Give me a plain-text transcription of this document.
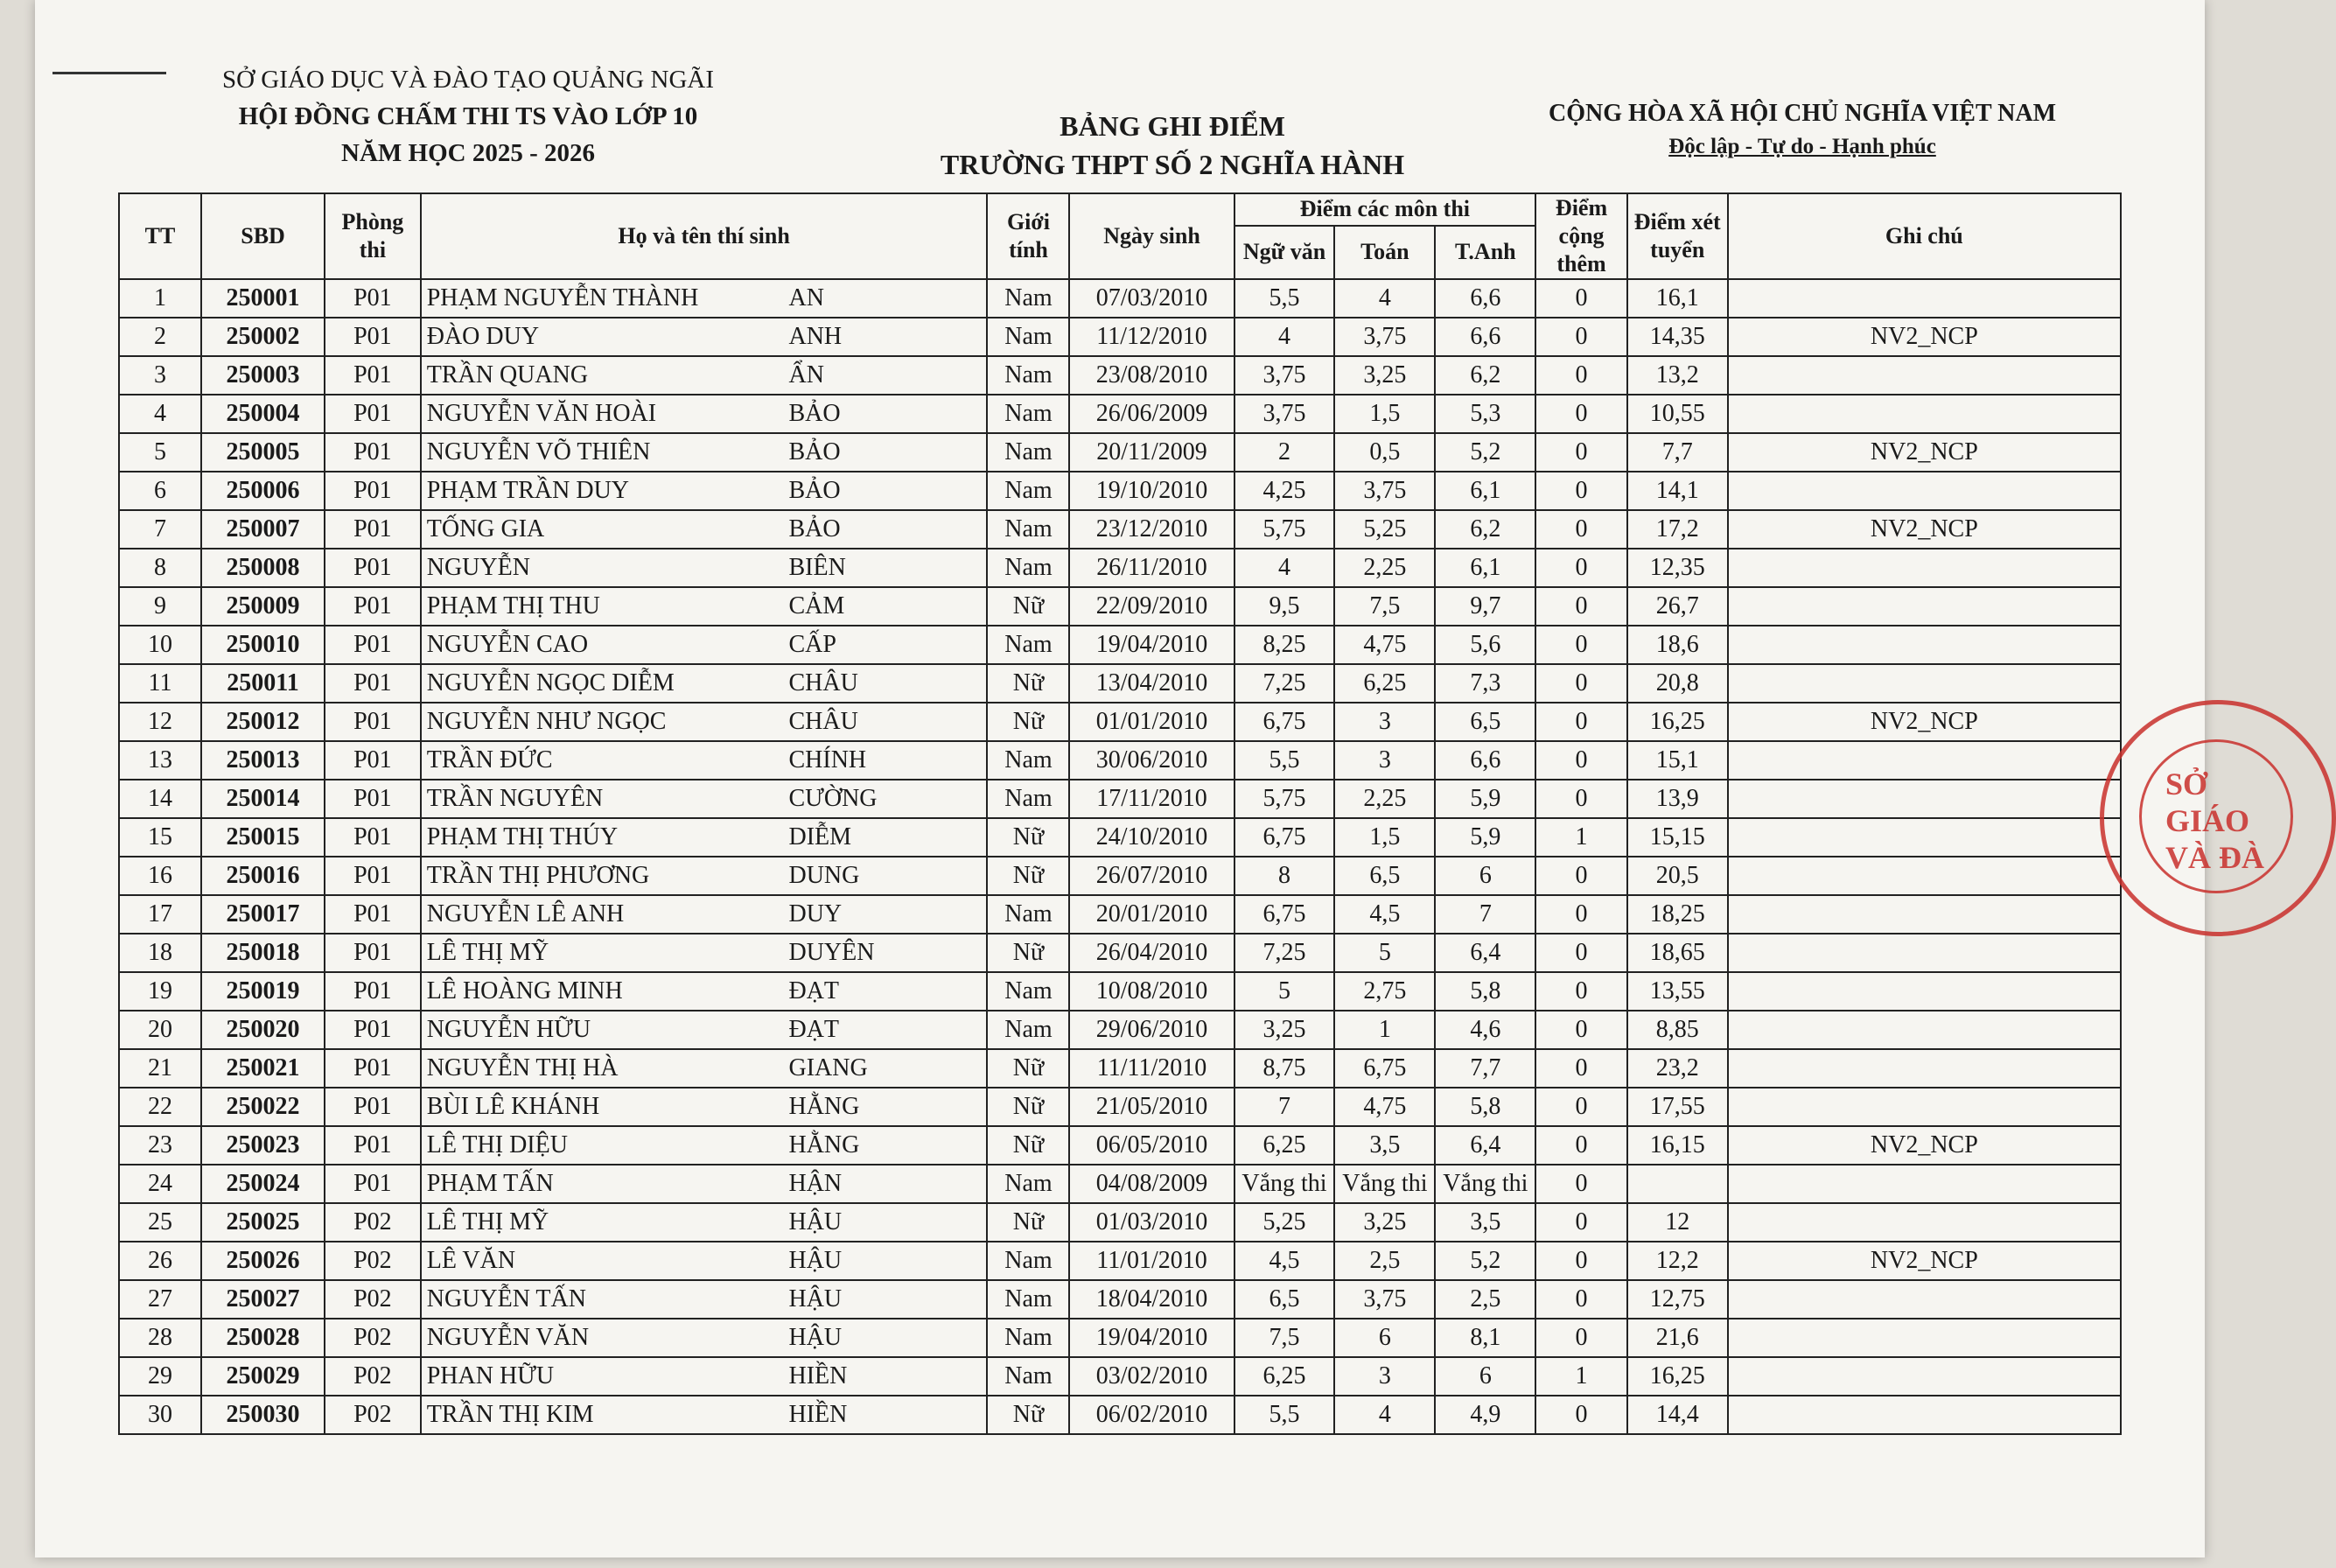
SỞ GIÁO DỤC VÀ ĐÀO TẠO QUẢNG NGÃI
HỘI ĐỒNG CHẤM THI TS VÀO LỚP 10
NĂM HỌC 2025 - 2026
BẢNG GHI ĐIỂM
TRƯỜNG THPT SỐ 2 NGHĨA HÀNH
CỘNG HÒA XÃ HỘI CHỦ NGHĨA VIỆT NAM
Độc lập - Tự do - Hạnh phúc
TT	SBD	Phòng thi	Họ và tên thí sinh	Giới tính	Ngày sinh	Điểm các môn thi			Điểm cộng thêm	Điểm xét tuyển	Ghi chú
						Ngữ văn	Toán	T.Anh			
1	250001	P01	PHẠM NGUYỄN THÀNH AN	Nam	07/03/2010	5,5	4	6,6	0	16,1	
2	250002	P01	ĐÀO DUY ANH	Nam	11/12/2010	4	3,75	6,6	0	14,35	NV2_NCP
3	250003	P01	TRẦN QUANG ẨN	Nam	23/08/2010	3,75	3,25	6,2	0	13,2	
4	250004	P01	NGUYỄN VĂN HOÀI BẢO	Nam	26/06/2009	3,75	1,5	5,3	0	10,55	
5	250005	P01	NGUYỄN VÕ THIÊN BẢO	Nam	20/11/2009	2	0,5	5,2	0	7,7	NV2_NCP
6	250006	P01	PHẠM TRẦN DUY BẢO	Nam	19/10/2010	4,25	3,75	6,1	0	14,1	
7	250007	P01	TỐNG GIA BẢO	Nam	23/12/2010	5,75	5,25	6,2	0	17,2	NV2_NCP
8	250008	P01	NGUYỄN BIÊN	Nam	26/11/2010	4	2,25	6,1	0	12,35	
9	250009	P01	PHẠM THỊ THU CẢM	Nữ	22/09/2010	9,5	7,5	9,7	0	26,7	
10	250010	P01	NGUYỄN CAO CẤP	Nam	19/04/2010	8,25	4,75	5,6	0	18,6	
11	250011	P01	NGUYỄN NGỌC DIỄM CHÂU	Nữ	13/04/2010	7,25	6,25	7,3	0	20,8	
12	250012	P01	NGUYỄN NHƯ NGỌC CHÂU	Nữ	01/01/2010	6,75	3	6,5	0	16,25	NV2_NCP
13	250013	P01	TRẦN ĐỨC CHÍNH	Nam	30/06/2010	5,5	3	6,6	0	15,1	
14	250014	P01	TRẦN NGUYÊN CƯỜNG	Nam	17/11/2010	5,75	2,25	5,9	0	13,9	
15	250015	P01	PHẠM THỊ THÚY DIỄM	Nữ	24/10/2010	6,75	1,5	5,9	1	15,15	
16	250016	P01	TRẦN THỊ PHƯƠNG DUNG	Nữ	26/07/2010	8	6,5	6	0	20,5	
17	250017	P01	NGUYỄN LÊ ANH DUY	Nam	20/01/2010	6,75	4,5	7	0	18,25	
18	250018	P01	LÊ THỊ MỸ DUYÊN	Nữ	26/04/2010	7,25	5	6,4	0	18,65	
19	250019	P01	LÊ HOÀNG MINH ĐẠT	Nam	10/08/2010	5	2,75	5,8	0	13,55	
20	250020	P01	NGUYỄN HỮU ĐẠT	Nam	29/06/2010	3,25	1	4,6	0	8,85	
21	250021	P01	NGUYỄN THỊ HÀ GIANG	Nữ	11/11/2010	8,75	6,75	7,7	0	23,2	
22	250022	P01	BÙI LÊ KHÁNH HẰNG	Nữ	21/05/2010	7	4,75	5,8	0	17,55	
23	250023	P01	LÊ THỊ DIỆU HẰNG	Nữ	06/05/2010	6,25	3,5	6,4	0	16,15	NV2_NCP
24	250024	P01	PHẠM TẤN HẬN	Nam	04/08/2009	Vắng thi	Vắng thi	Vắng thi	0		
25	250025	P02	LÊ THỊ MỸ HẬU	Nữ	01/03/2010	5,25	3,25	3,5	0	12	
26	250026	P02	LÊ VĂN HẬU	Nam	11/01/2010	4,5	2,5	5,2	0	12,2	NV2_NCP
27	250027	P02	NGUYỄN TẤN HẬU	Nam	18/04/2010	6,5	3,75	2,5	0	12,75	
28	250028	P02	NGUYỄN VĂN HẬU	Nam	19/04/2010	7,5	6	8,1	0	21,6	
29	250029	P02	PHAN HỮU HIỀN	Nam	03/02/2010	6,25	3	6	1	16,25	
30	250030	P02	TRẦN THỊ KIM HIỀN	Nữ	06/02/2010	5,5	4	4,9	0	14,4	
SỞ
GIÁO
VÀ ĐÀ
